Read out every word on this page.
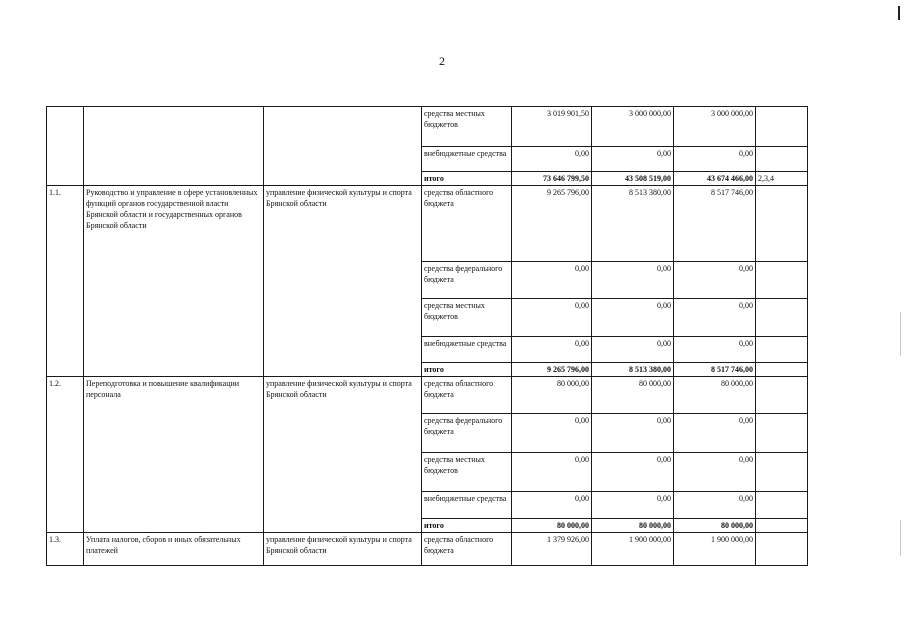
2
			средства местных бюджетов	3 019 901,50	3 000 000,00	3 000 000,00	
			внебюджетные средства	0,00	0,00	0,00	
			итого	73 646 799,50	43 508 519,00	43 674 466,00	2,3,4
1.1.	Руководство и управление в сфере установленных функций органов государственной власти Брянской области и государственных органов Брянской области	управление физической культуры и спорта Брянской области	средства областного бюджета	9 265 796,00	8 513 380,00	8 517 746,00	
			средства федерального бюджета	0,00	0,00	0,00	
			средства местных бюджетов	0,00	0,00	0,00	
			внебюджетные средства	0,00	0,00	0,00	
			итого	9 265 796,00	8 513 380,00	8 517 746,00	
1.2.	Переподготовка и повышение квалификации персонала	управление физической культуры и спорта Брянской области	средства областного бюджета	80 000,00	80 000,00	80 000,00	
			средства федерального бюджета	0,00	0,00	0,00	
			средства местных бюджетов	0,00	0,00	0,00	
			внебюджетные средства	0,00	0,00	0,00	
			итого	80 000,00	80 000,00	80 000,00	
1.3.	Уплата налогов, сборов и иных обязательных платежей	управление физической культуры и спорта Брянской области	средства областного бюджета	1 379 926,00	1 900 000,00	1 900 000,00	
